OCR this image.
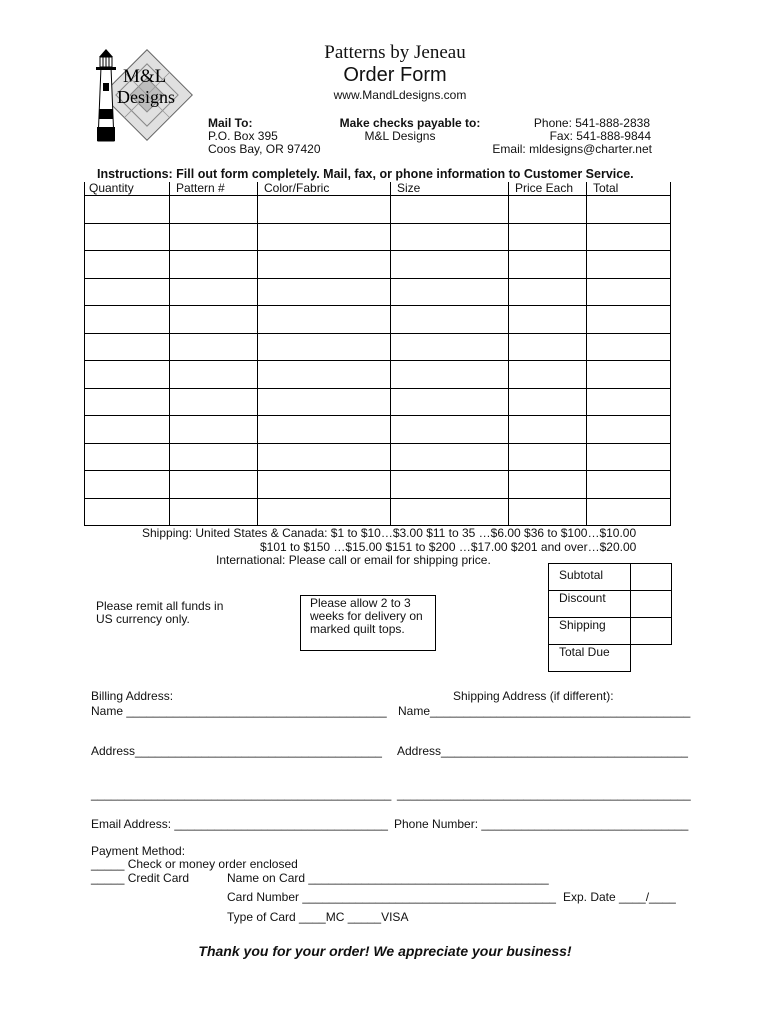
M&L
Designs
Patterns by Jeneau
Order Form
www.MandLdesigns.com
Mail To:
P.O. Box 395
Coos Bay, OR 97420
Make checks payable to:
M&L Designs
Phone: 541-888-2838
Fax: 541-888-9844
Email: mldesigns@charter.net
Instructions: Fill out form completely. Mail, fax, or phone information to Customer Service.
Quantity	Pattern #	Color/Fabric	Size	Price Each	Total

Shipping: United States & Canada: $1 to $10…$3.00 $11 to 35 …$6.00 $36 to $100…$10.00
$101 to $150 …$15.00 $151 to $200 …$17.00 $201 and over…$20.00
International: Please call or email for shipping price.
Please remit all funds in
US currency only.
Please allow 2 to 3
weeks for delivery on
marked quilt tops.
Subtotal	
Discount	
Shipping	
Total Due	
Billing Address:
Name _______________________________________
Address_____________________________________
_____________________________________________
Email Address: ________________________________
Shipping Address (if different):
Name_______________________________________
Address_____________________________________
____________________________________________
Phone Number: _______________________________
Payment Method:
_____ Check or money order enclosed
_____ Credit Card	Name on Card ____________________________________
Card Number ______________________________________ Exp. Date ____/____
Type of Card ____MC _____VISA
Thank you for your order! We appreciate your business!
